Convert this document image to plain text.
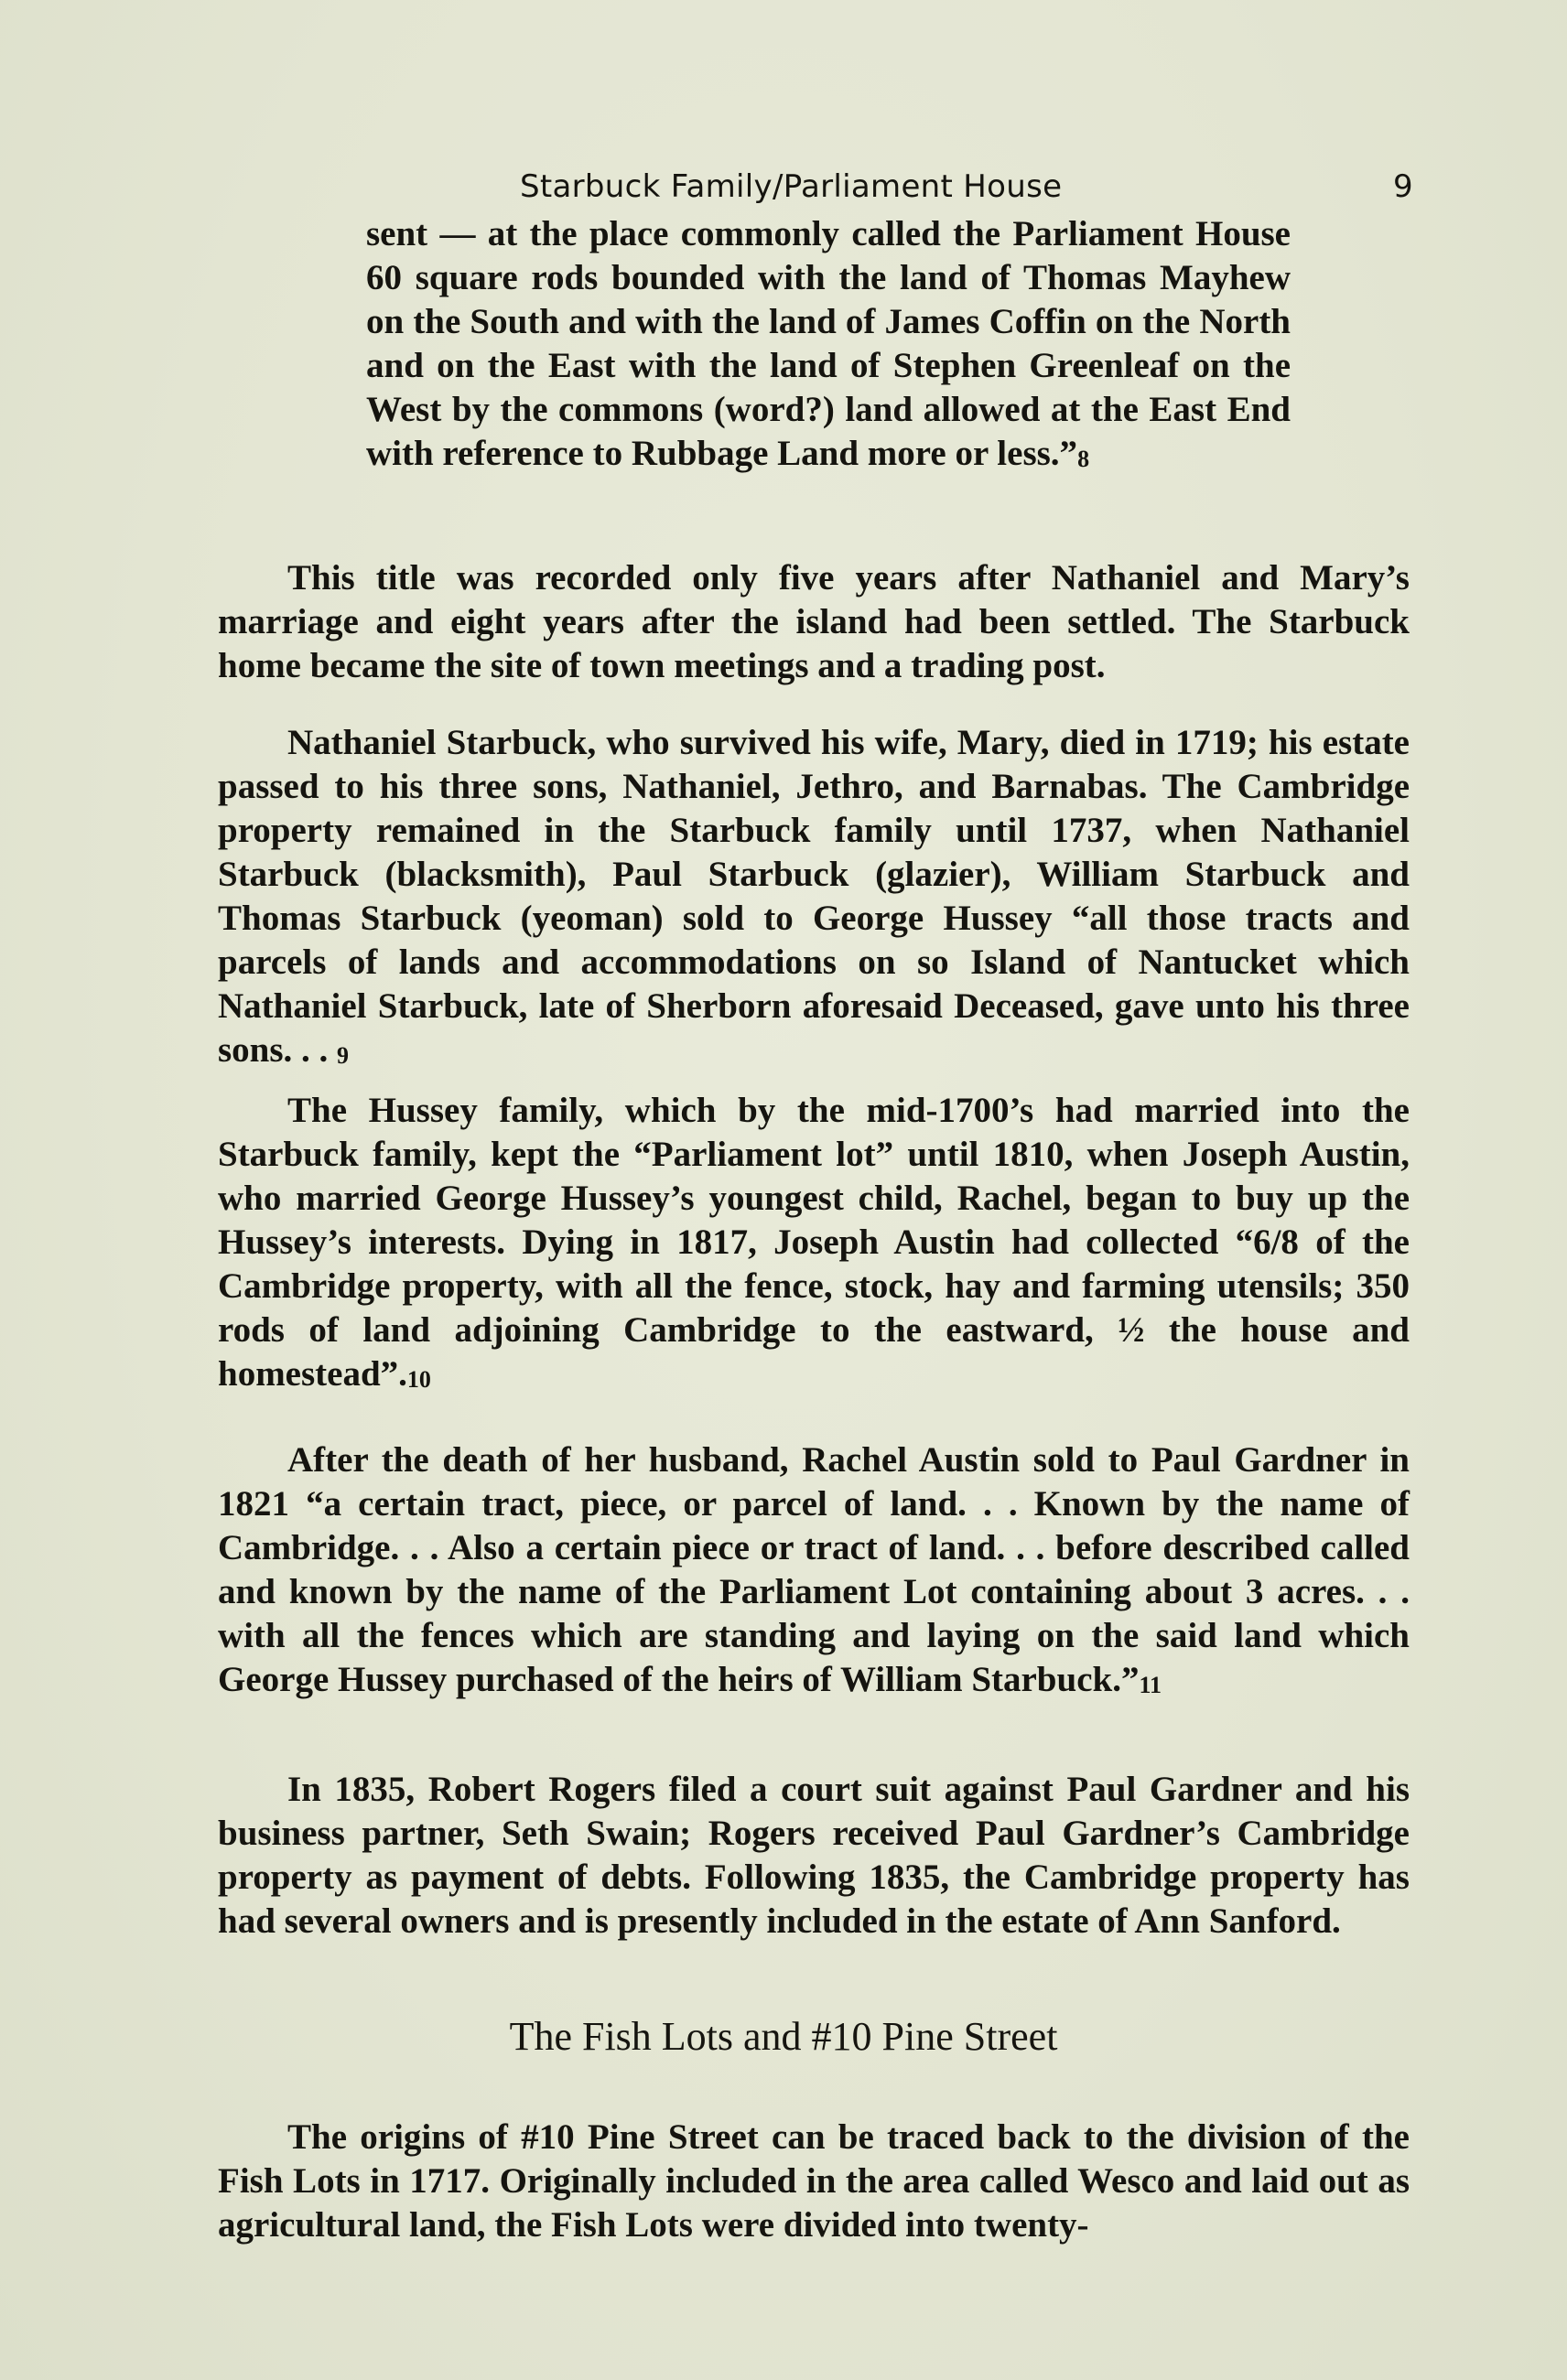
Starbuck Family/Parliament House	9

sent — at the place commonly called the Parliament House 60 square rods bounded with the land of Thomas Mayhew on the South and with the land of James Coffin on the North and on the East with the land of Stephen Greenleaf on the West by the commons (word?) land allowed at the East End with reference to Rubbage Land more or less.”8

This title was recorded only five years after Nathaniel and Mary’s marriage and eight years after the island had been settled. The Starbuck home became the site of town meetings and a trading post.

Nathaniel Starbuck, who survived his wife, Mary, died in 1719; his estate passed to his three sons, Nathaniel, Jethro, and Barnabas. The Cambridge property remained in the Starbuck family until 1737, when Nathaniel Starbuck (blacksmith), Paul Starbuck (glazier), William Starbuck and Thomas Starbuck (yeoman) sold to George Hussey “all those tracts and parcels of lands and accommodations on so Island of Nantucket which Nathaniel Starbuck, late of Sherborn aforesaid Deceased, gave unto his three sons. . . 9

The Hussey family, which by the mid-1700’s had married into the Starbuck family, kept the “Parliament lot” until 1810, when Joseph Austin, who married George Hussey’s youngest child, Rachel, began to buy up the Hussey’s interests. Dying in 1817, Joseph Austin had collected “6/8 of the Cambridge property, with all the fence, stock, hay and farming utensils; 350 rods of land adjoining Cambridge to the eastward, ½ the house and homestead”.10

After the death of her husband, Rachel Austin sold to Paul Gardner in 1821 “a certain tract, piece, or parcel of land. . . Known by the name of Cambridge. . . Also a certain piece or tract of land. . . before described called and known by the name of the Parliament Lot containing about 3 acres. . . with all the fences which are standing and laying on the said land which George Hussey purchased of the heirs of William Starbuck.”11

In 1835, Robert Rogers filed a court suit against Paul Gardner and his business partner, Seth Swain; Rogers received Paul Gardner’s Cambridge property as payment of debts. Following 1835, the Cambridge property has had several owners and is presently included in the estate of Ann Sanford.

The Fish Lots and #10 Pine Street

The origins of #10 Pine Street can be traced back to the division of the Fish Lots in 1717. Originally included in the area called Wesco and laid out as agricultural land, the Fish Lots were divided into twenty-
